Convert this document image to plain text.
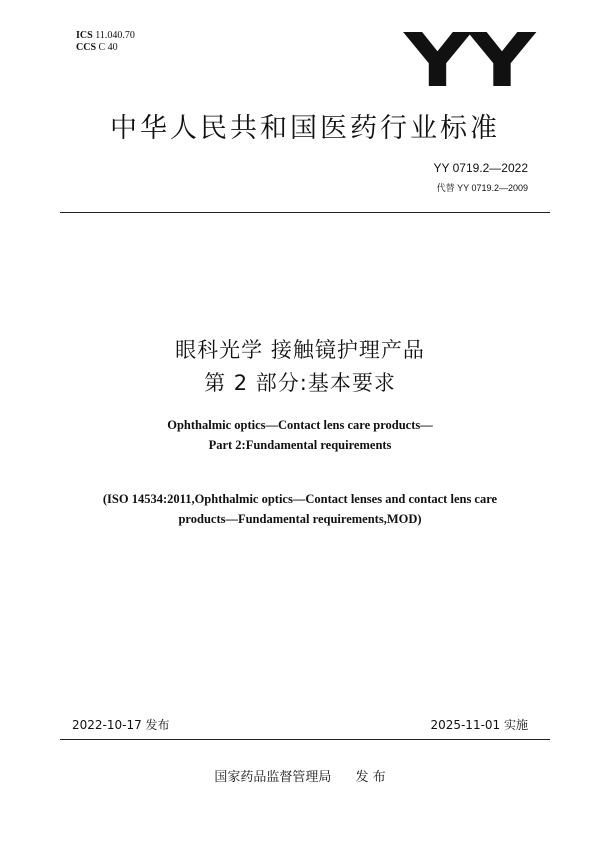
ICS 11.040.70
CCS C 40	YY
中华人民共和国医药行业标准
YY 0719.2—2022
代替 YY 0719.2—2009
眼科光学 接触镜护理产品
第 2 部分:基本要求
Ophthalmic optics—Contact lens care products—
Part 2:Fundamental requirements
(ISO 14534:2011,Ophthalmic optics—Contact lenses and contact lens care
products—Fundamental requirements,MOD)
2022-10-17 发布	2025-11-01 实施
国家药品监督管理局 发 布
